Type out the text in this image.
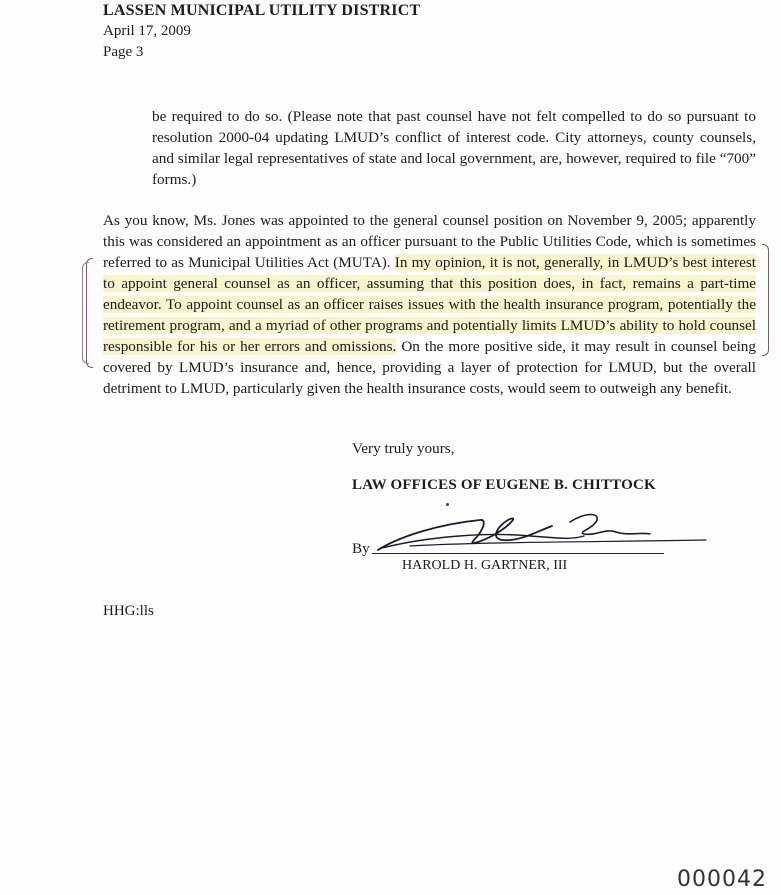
LASSEN MUNICIPAL UTILITY DISTRICT
April 17, 2009
Page 3
be required to do so. (Please note that past counsel have not felt compelled to do so pursuant to resolution 2000-04 updating LMUD’s conflict of interest code. City attorneys, county counsels, and similar legal representatives of state and local government, are, however, required to file “700” forms.)
As you know, Ms. Jones was appointed to the general counsel position on November 9, 2005; apparently this was considered an appointment as an officer pursuant to the Public Utilities Code, which is sometimes referred to as Municipal Utilities Act (MUTA). In my opinion, it is not, generally, in LMUD’s best interest to appoint general counsel as an officer, assuming that this position does, in fact, remains a part-time endeavor. To appoint counsel as an officer raises issues with the health insurance program, potentially the retirement program, and a myriad of other programs and potentially limits LMUD’s ability to hold counsel responsible for his or her errors and omissions. On the more positive side, it may result in counsel being covered by LMUD’s insurance and, hence, providing a layer of protection for LMUD, but the overall detriment to LMUD, particularly given the health insurance costs, would seem to outweigh any benefit.
Very truly yours,
LAW OFFICES OF EUGENE B. CHITTOCK
By
HAROLD H. GARTNER, III
HHG:lls
000042
